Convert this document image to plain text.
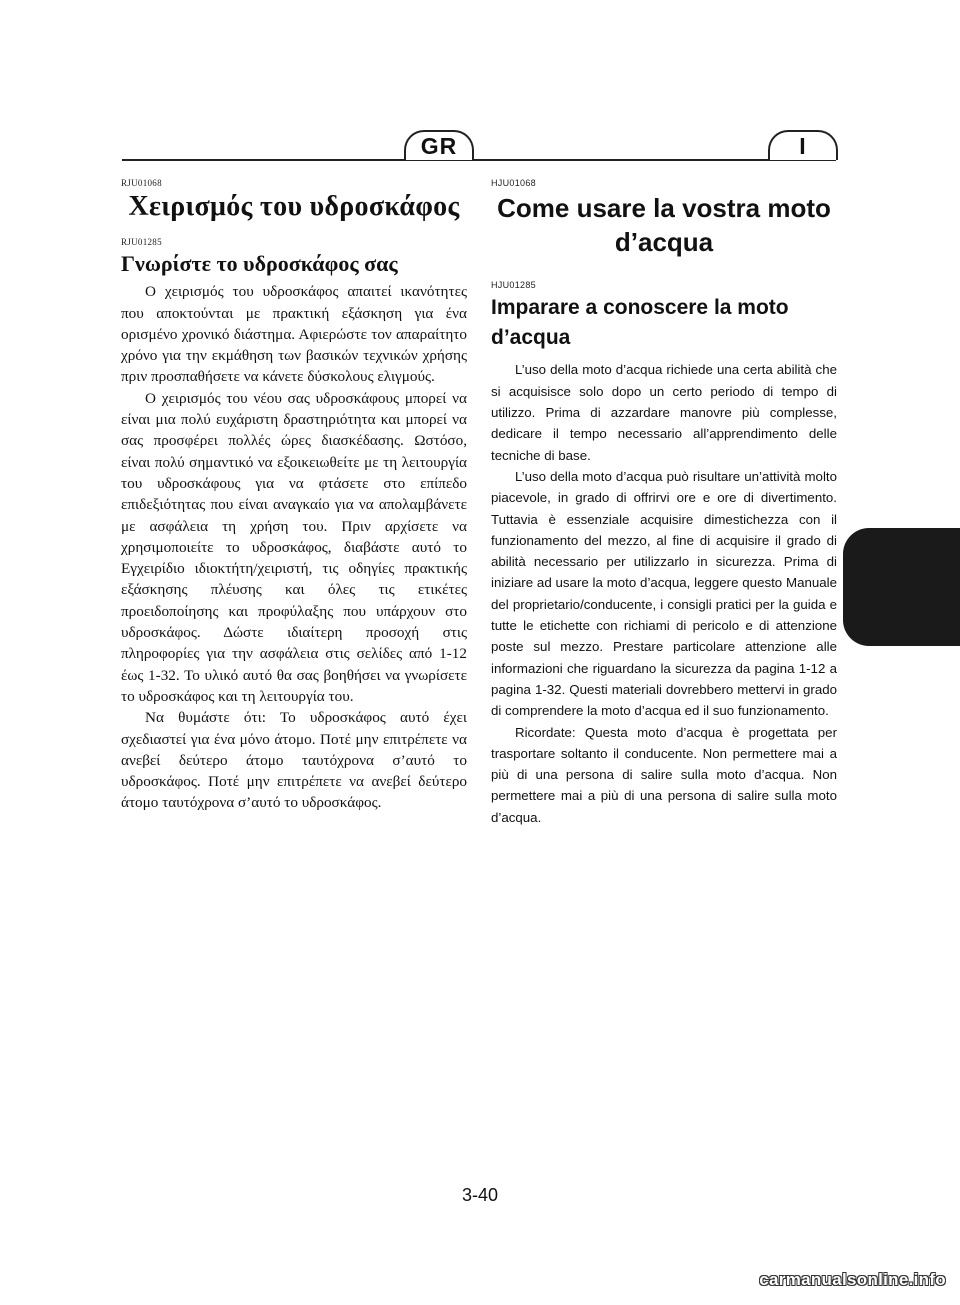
GR	I
RJU01068
Χειρισμός του υδροσκάφος
RJU01285
Γνωρίστε το υδροσκάφος σας

Ο χειρισμός του υδροσκάφος απαιτεί ικανότητες που αποκτούνται με πρακτική εξάσκηση για ένα ορισμένο χρονικό διάστημα. Αφιερώστε τον απαραίτητο χρόνο για την εκμάθηση των βασικών τεχνικών χρήσης πριν προσπαθήσετε να κάνετε δύσκολους ελιγμούς.

Ο χειρισμός του νέου σας υδροσκάφους μπορεί να είναι μια πολύ ευχάριστη δραστηριότητα και μπορεί να σας προσφέρει πολλές ώρες διασκέδασης. Ωστόσο, είναι πολύ σημαντικό να εξοικειωθείτε με τη λειτουργία του υδροσκάφους για να φτάσετε στο επίπεδο επιδεξιότητας που είναι αναγκαίο για να απολαμβάνετε με ασφάλεια τη χρήση του. Πριν αρχίσετε να χρησιμοποιείτε το υδροσκάφος, διαβάστε αυτό το Εγχειρίδιο ιδιοκτήτη/χειριστή, τις οδηγίες πρακτικής εξάσκησης πλέυσης και όλες τις ετικέτες προειδοποίησης και προφύλαξης που υπάρχουν στο υδροσκάφος. Δώστε ιδιαίτερη προσοχή στις πληροφορίες για την ασφάλεια στις σελίδες από 1-12 έως 1-32. Το υλικό αυτό θα σας βοηθήσει να γνωρίσετε το υδροσκάφος και τη λειτουργία του.

Να θυμάστε ότι: Το υδροσκάφος αυτό έχει σχεδιαστεί για ένα μόνο άτομο. Ποτέ μην επιτρέπετε να ανεβεί δεύτερο άτομο ταυτόχρονα σ’αυτό το υδροσκάφος. Ποτέ μην επιτρέπετε να ανεβεί δεύτερο άτομο ταυτόχρονα σ’αυτό το υδροσκάφος.

HJU01068
Come usare la vostra moto d’acqua
HJU01285
Imparare a conoscere la moto d’acqua

L’uso della moto d’acqua richiede una certa abilità che si acquisisce solo dopo un certo periodo di tempo di utilizzo. Prima di azzardare manovre più complesse, dedicare il tempo necessario all’apprendimento delle tecniche di base.

L’uso della moto d’acqua può risultare un’attività molto piacevole, in grado di offrirvi ore e ore di divertimento. Tuttavia è essenziale acquisire dimestichezza con il funzionamento del mezzo, al fine di acquisire il grado di abilità necessario per utilizzarlo in sicurezza. Prima di iniziare ad usare la moto d’acqua, leggere questo Manuale del proprietario/conducente, i consigli pratici per la guida e tutte le etichette con richiami di pericolo e di attenzione poste sul mezzo. Prestare particolare attenzione alle informazioni che riguardano la sicurezza da pagina 1-12 a pagina 1-32. Questi materiali dovrebbero mettervi in grado di comprendere la moto d’acqua ed il suo funzionamento.

Ricordate: Questa moto d’acqua è progettata per trasportare soltanto il conducente. Non permettere mai a più di una persona di salire sulla moto d’acqua. Non permettere mai a più di una persona di salire sulla moto d’acqua.

3-40
carmanualsonline.info
